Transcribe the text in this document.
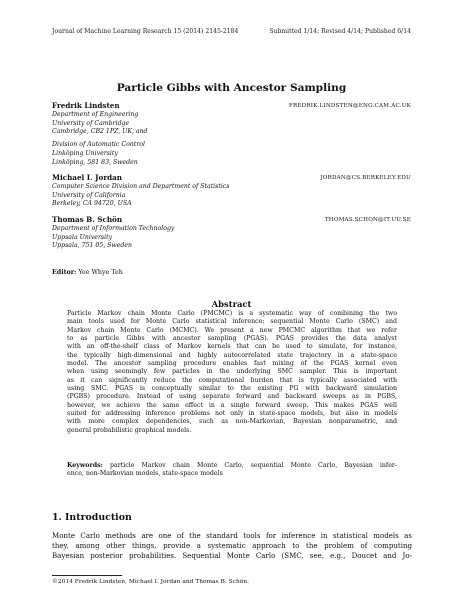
Journal of Machine Learning Research 15 (2014) 2145-2184	Submitted 1/14; Revised 4/14; Published 6/14
Particle Gibbs with Ancestor Sampling
Fredrik Lindsten	FREDRIK.LINDSTEN@ENG.CAM.AC.UK
Department of Engineering
University of Cambridge
Cambridge, CB2 1PZ, UK, and
Division of Automatic Control
Linköping University
Linköping, 581 83, Sweden
Michael I. Jordan	JORDAN@CS.BERKELEY.EDU
Computer Science Division and Department of Statistics
University of California
Berkeley, CA 94720, USA
Thomas B. Schön	THOMAS.SCHON@IT.UU.SE
Department of Information Technology
Uppsala University
Uppsala, 751 05, Sweden
Editor: Yee Whye Teh
Abstract
Particle Markov chain Monte Carlo (PMCMC) is a systematic way of combining the two
main tools used for Monte Carlo statistical inference: sequential Monte Carlo (SMC) and
Markov chain Monte Carlo (MCMC). We present a new PMCMC algorithm that we refer
to as particle Gibbs with ancestor sampling (PGAS). PGAS provides the data analyst
with an off-the-shelf class of Markov kernels that can be used to simulate, for instance,
the typically high-dimensional and highly autocorrelated state trajectory in a state-space
model. The ancestor sampling procedure enables fast mixing of the PGAS kernel even
when using seemingly few particles in the underlying SMC sampler. This is important
as it can significantly reduce the computational burden that is typically associated with
using SMC. PGAS is conceptually similar to the existing PG with backward simulation
(PGBS) procedure. Instead of using separate forward and backward sweeps as in PGBS,
however, we achieve the same effect in a single forward sweep. This makes PGAS well
suited for addressing inference problems not only in state-space models, but also in models
with more complex dependencies, such as non-Markovian, Bayesian nonparametric, and
general probabilistic graphical models.
Keywords: particle Markov chain Monte Carlo, sequential Monte Carlo, Bayesian infer-
ence, non-Markovian models, state-space models
1. Introduction
Monte Carlo methods are one of the standard tools for inference in statistical models as
they, among other things, provide a systematic approach to the problem of computing
Bayesian posterior probabilities. Sequential Monte Carlo (SMC, see, e.g., Doucet and Jo-
©2014 Fredrik Lindsten, Michael I. Jordan and Thomas B. Schön.
